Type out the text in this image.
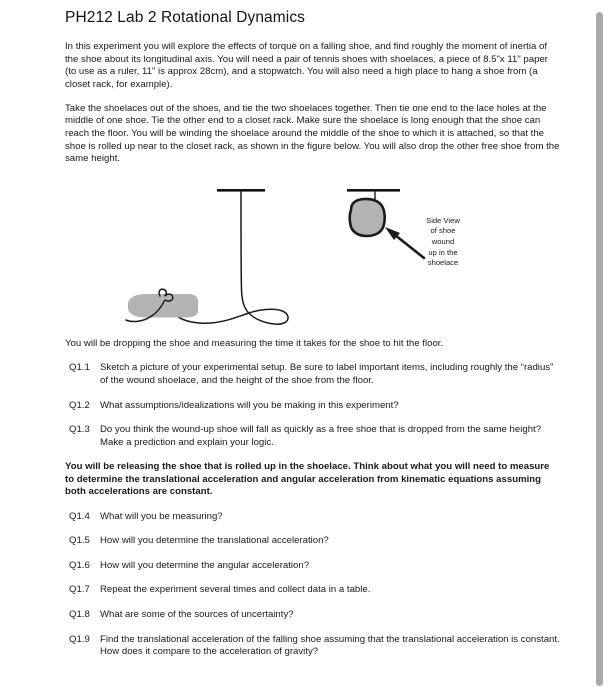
PH212 Lab 2 Rotational Dynamics

In this experiment you will explore the effects of torque on a falling shoe, and find roughly the moment of inertia of the shoe about its longitudinal axis. You will need a pair of tennis shoes with shoelaces, a piece of 8.5"x 11" paper (to use as a ruler, 11" is approx 28cm), and a stopwatch. You will also need a high place to hang a shoe from (a closet rack, for example).

Take the shoelaces out of the shoes, and tie the two shoelaces together. Then tie one end to the lace holes at the middle of one shoe. Tie the other end to a closet rack. Make sure the shoelace is long enough that the shoe can reach the floor. You will be winding the shoelace around the middle of the shoe to which it is attached, so that the shoe is rolled up near to the closet rack, as shown in the figure below. You will also drop the other free shoe from the same height.

Side View
of shoe
wound
up in the
shoelace

You will be dropping the shoe and measuring the time it takes for the shoe to hit the floor.

Q1.1	Sketch a picture of your experimental setup. Be sure to label important items, including roughly the “radius” of the wound shoelace, and the height of the shoe from the floor.
Q1.2	What assumptions/idealizations will you be making in this experiment?
Q1.3	Do you think the wound-up shoe will fall as quickly as a free shoe that is dropped from the same height? Make a prediction and explain your logic.

You will be releasing the shoe that is rolled up in the shoelace. Think about what you will need to measure to determine the translational acceleration and angular acceleration from kinematic equations assuming both accelerations are constant.

Q1.4	What will you be measuring?
Q1.5	How will you determine the translational acceleration?
Q1.6	How will you determine the angular acceleration?
Q1.7	Repeat the experiment several times and collect data in a table.
Q1.8	What are some of the sources of uncertainty?
Q1.9	Find the translational acceleration of the falling shoe assuming that the translational acceleration is constant. How does it compare to the acceleration of gravity?
